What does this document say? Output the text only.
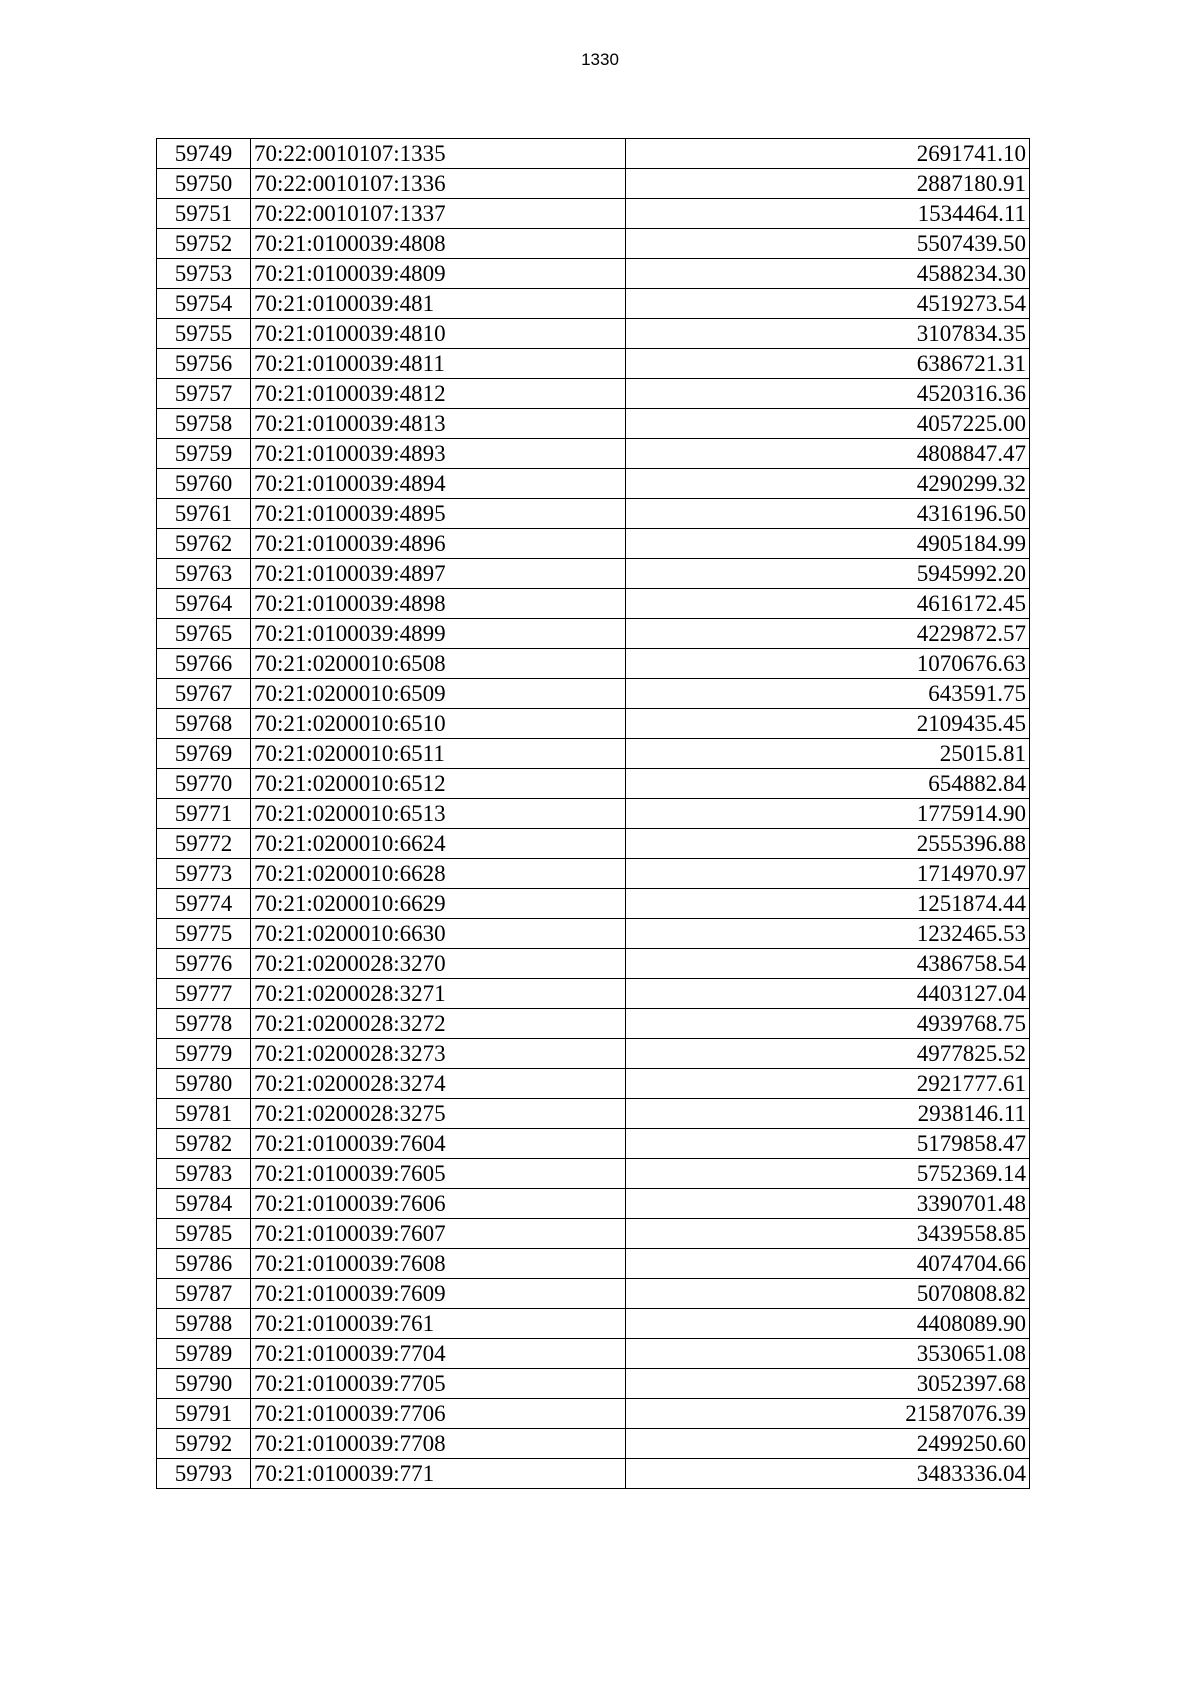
1330
59749	70:22:0010107:1335	2691741.10
59750	70:22:0010107:1336	2887180.91
59751	70:22:0010107:1337	1534464.11
59752	70:21:0100039:4808	5507439.50
59753	70:21:0100039:4809	4588234.30
59754	70:21:0100039:481	4519273.54
59755	70:21:0100039:4810	3107834.35
59756	70:21:0100039:4811	6386721.31
59757	70:21:0100039:4812	4520316.36
59758	70:21:0100039:4813	4057225.00
59759	70:21:0100039:4893	4808847.47
59760	70:21:0100039:4894	4290299.32
59761	70:21:0100039:4895	4316196.50
59762	70:21:0100039:4896	4905184.99
59763	70:21:0100039:4897	5945992.20
59764	70:21:0100039:4898	4616172.45
59765	70:21:0100039:4899	4229872.57
59766	70:21:0200010:6508	1070676.63
59767	70:21:0200010:6509	643591.75
59768	70:21:0200010:6510	2109435.45
59769	70:21:0200010:6511	25015.81
59770	70:21:0200010:6512	654882.84
59771	70:21:0200010:6513	1775914.90
59772	70:21:0200010:6624	2555396.88
59773	70:21:0200010:6628	1714970.97
59774	70:21:0200010:6629	1251874.44
59775	70:21:0200010:6630	1232465.53
59776	70:21:0200028:3270	4386758.54
59777	70:21:0200028:3271	4403127.04
59778	70:21:0200028:3272	4939768.75
59779	70:21:0200028:3273	4977825.52
59780	70:21:0200028:3274	2921777.61
59781	70:21:0200028:3275	2938146.11
59782	70:21:0100039:7604	5179858.47
59783	70:21:0100039:7605	5752369.14
59784	70:21:0100039:7606	3390701.48
59785	70:21:0100039:7607	3439558.85
59786	70:21:0100039:7608	4074704.66
59787	70:21:0100039:7609	5070808.82
59788	70:21:0100039:761	4408089.90
59789	70:21:0100039:7704	3530651.08
59790	70:21:0100039:7705	3052397.68
59791	70:21:0100039:7706	21587076.39
59792	70:21:0100039:7708	2499250.60
59793	70:21:0100039:771	3483336.04
